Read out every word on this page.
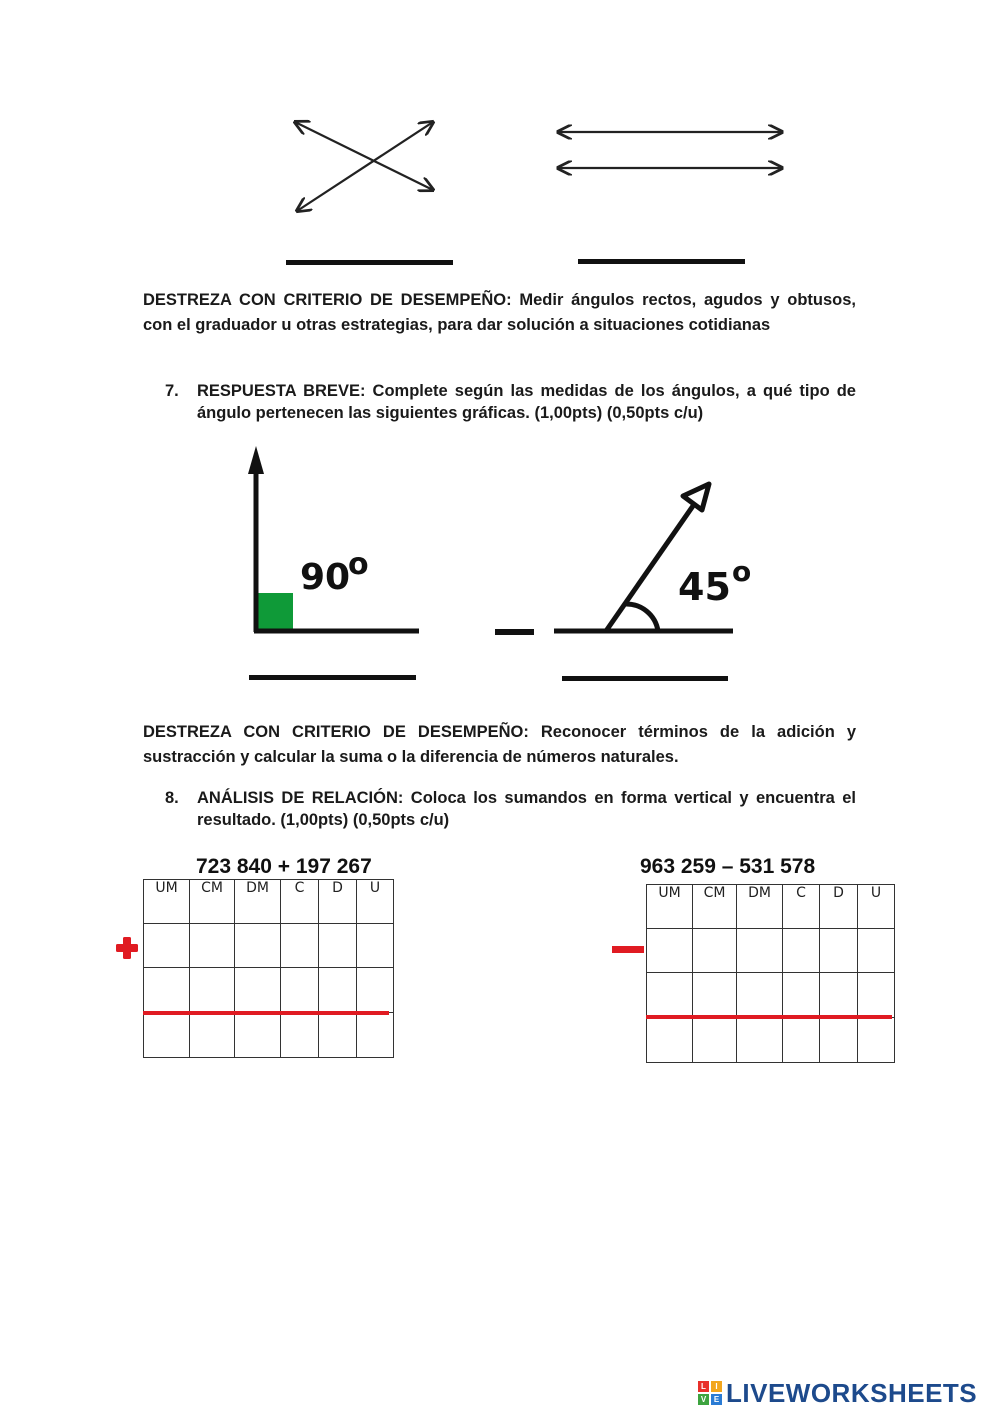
DESTREZA CON CRITERIO DE DESEMPEÑO: Medir ángulos rectos, agudos y obtusos, con el graduador u otras estrategias, para dar solución a situaciones cotidianas
7. RESPUESTA BREVE: Complete según las medidas de los ángulos, a qué tipo de ángulo pertenecen las siguientes gráficas. (1,00pts) (0,50pts c/u)
90
o
45 o
DESTREZA CON CRITERIO DE DESEMPEÑO: Reconocer términos de la adición y sustracción y calcular la suma o la diferencia de números naturales.
8. ANÁLISIS DE RELACIÓN: Coloca los sumandos en forma vertical y encuentra el resultado. (1,00pts) (0,50pts c/u)
723 840 + 197 267
UM	CM	DM	C	D	U

963 259 – 531 578
UM	CM	DM	C	D	U

L	I
V E LIVEWORKSHEETS
